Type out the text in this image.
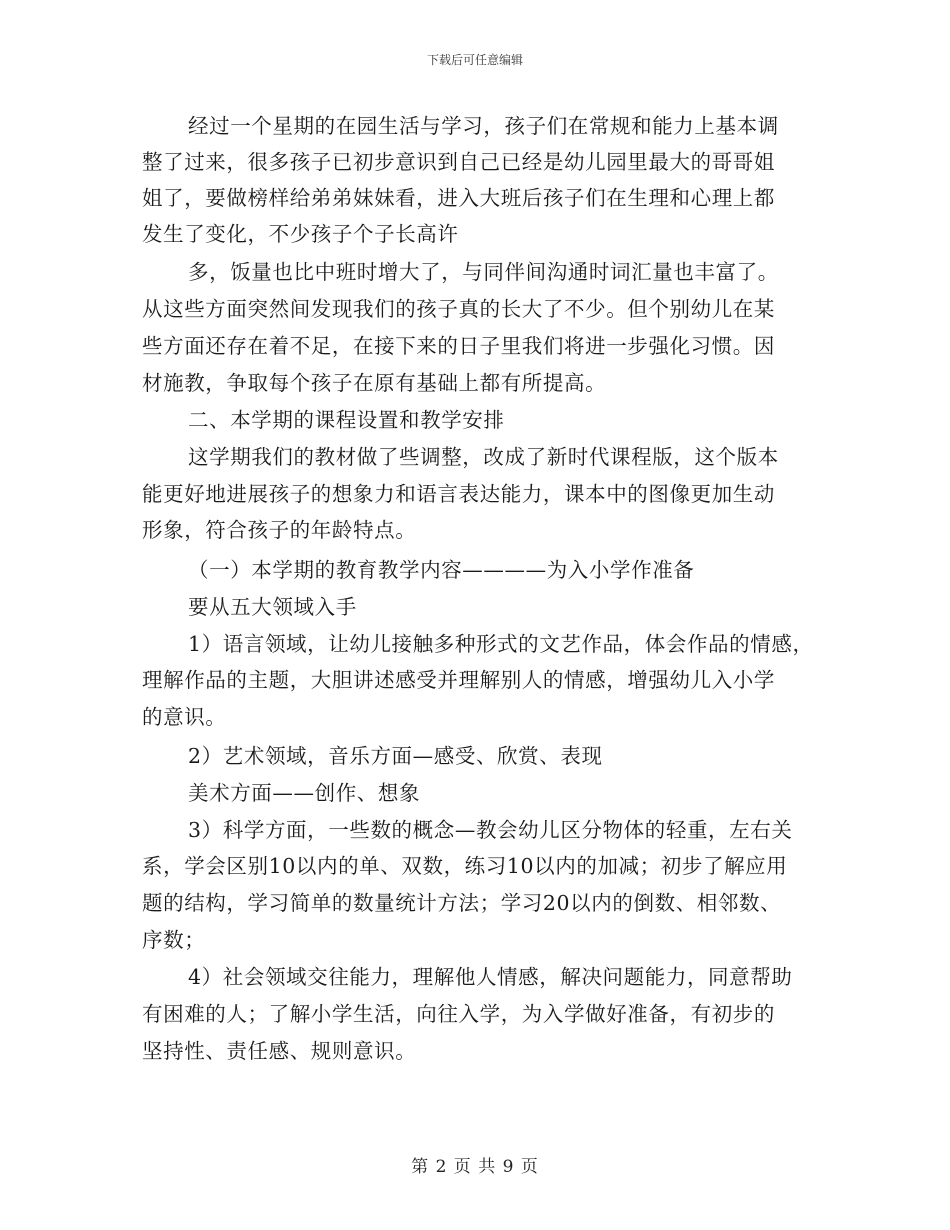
下载后可任意编辑
经过一个星期的在园生活与学习，孩子们在常规和能力上基本调
整了过来，很多孩子已初步意识到自己已经是幼儿园里最大的哥哥姐
姐了，要做榜样给弟弟妹妹看，进入大班后孩子们在生理和心理上都
发生了变化，不少孩子个子长高许
多，饭量也比中班时增大了，与同伴间沟通时词汇量也丰富了。
从这些方面突然间发现我们的孩子真的长大了不少。但个别幼儿在某
些方面还存在着不足，在接下来的日子里我们将进一步强化习惯。因
材施教，争取每个孩子在原有基础上都有所提高。
二、本学期的课程设置和教学安排
这学期我们的教材做了些调整，改成了新时代课程版，这个版本
能更好地进展孩子的想象力和语言表达能力，课本中的图像更加生动
形象，符合孩子的年龄特点。
（一）本学期的教育教学内容————为入小学作准备
要从五大领域入手
1）语言领域，让幼儿接触多种形式的文艺作品，体会作品的情感，
理解作品的主题，大胆讲述感受并理解别人的情感，增强幼儿入小学
的意识。
2）艺术领域，音乐方面—感受、欣赏、表现
美术方面——创作、想象
3）科学方面，一些数的概念—教会幼儿区分物体的轻重，左右关
系，学会区别10以内的单、双数，练习10以内的加减；初步了解应用
题的结构，学习简单的数量统计方法；学习20以内的倒数、相邻数、
序数；
4）社会领域交往能力，理解他人情感，解决问题能力，同意帮助
有困难的人；了解小学生活，向往入学，为入学做好准备，有初步的
坚持性、责任感、规则意识。
第 2 页 共 9 页
